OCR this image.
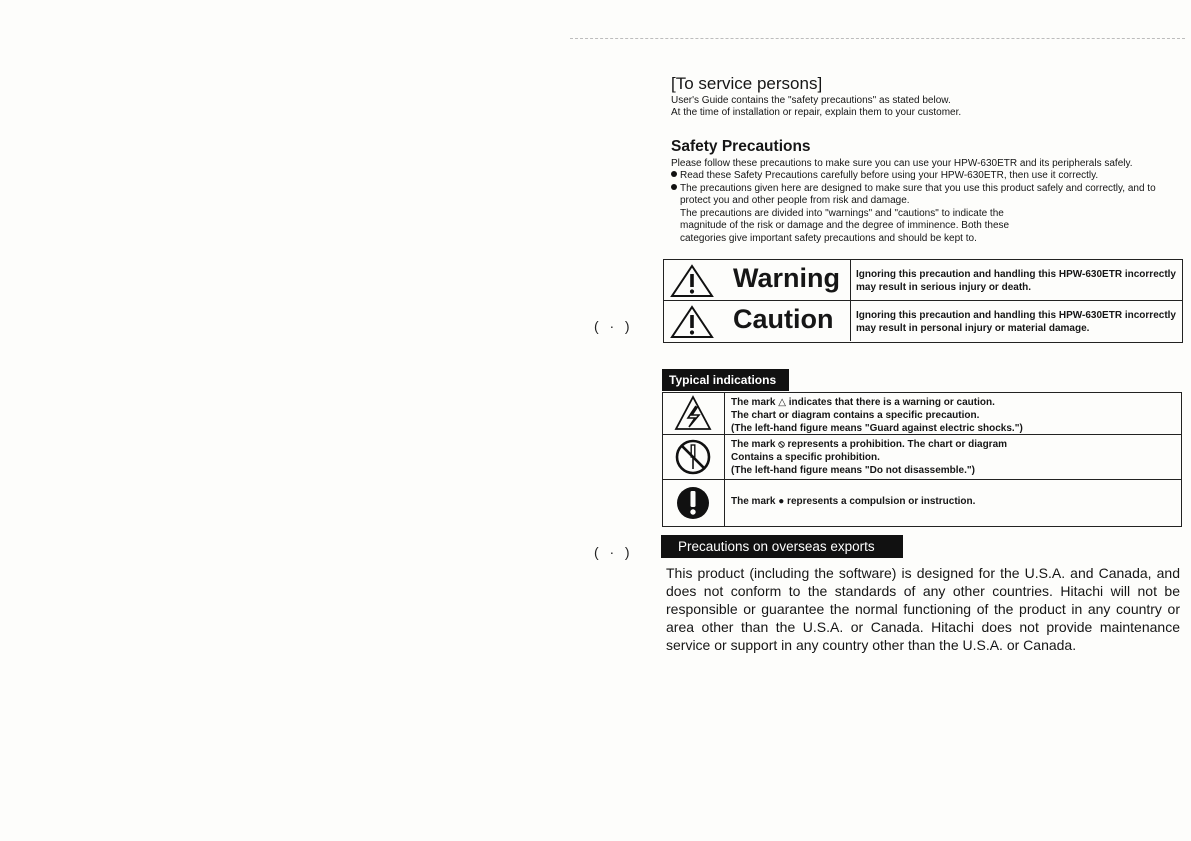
( · )
( · )
[To service persons]

User's Guide contains the "safety precautions" as stated below.

At the time of installation or repair, explain them to your customer.

Safety Precautions

Please follow these precautions to make sure you can use your HPW-630ETR and its peripherals safely.

Read these Safety Precautions carefully before using your HPW-630ETR, then use it correctly.
The precautions given here are designed to make sure that you use this product safely and correctly, and to
protect you and other people from risk and damage.
The precautions are divided into "warnings" and "cautions" to indicate the
magnitude of the risk or damage and the degree of imminence. Both these
categories give important safety precautions and should be kept to.
Warning Ignoring this precaution and handling this HPW-630ETR incorrectly may result in serious injury or death.
Caution Ignoring this precaution and handling this HPW-630ETR incorrectly may result in personal injury or material damage.
Typical indications
The mark △ indicates that there is a warning or caution.
The chart or diagram contains a specific precaution.
(The left-hand figure means "Guard against electric shocks.")
The mark ⦸ represents a prohibition. The chart or diagram
Contains a specific prohibition.
(The left-hand figure means "Do not disassemble.")
The mark ● represents a compulsion or instruction.
Precautions on overseas exports

This product (including the software) is designed for the U.S.A. and Canada, and does not conform to the standards of any other countries. Hitachi will not be responsible or guarantee the normal functioning of the product in any country or area other than the U.S.A. or Canada. Hitachi does not provide maintenance service or support in any country other than the U.S.A. or Canada.
